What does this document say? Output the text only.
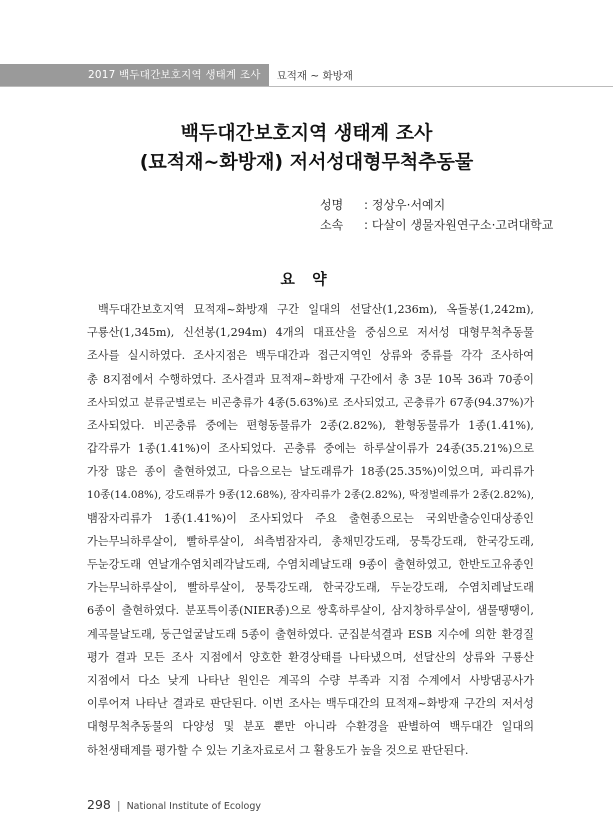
2017 백두대간보호지역 생태계 조사	묘적재 ~ 화방재
백두대간보호지역 생태계 조사
(묘적재~화방재) 저서성대형무척추동물
성명	: 정상우·서예지
소속	: 다살이 생물자원연구소·고려대학교
요 약
백두대간보호지역 묘적재~화방재 구간 일대의 선달산(1,236m), 옥돌봉(1,242m),
구룡산(1,345m), 신선봉(1,294m) 4개의 대표산을 중심으로 저서성 대형무척추동물
조사를 실시하였다. 조사지점은 백두대간과 접근지역인 상류와 중류를 각각 조사하여
총 8지점에서 수행하였다. 조사결과 묘적재~화방재 구간에서 총 3문 10목 36과 70종이
조사되었고 분류군별로는 비곤충류가 4종(5.63%)로 조사되었고, 곤충류가 67종(94.37%)가
조사되었다. 비곤충류 중에는 편형동물류가 2종(2.82%), 환형동물류가 1종(1.41%),
갑각류가 1종(1.41%)이 조사되었다. 곤충류 중에는 하루살이류가 24종(35.21%)으로
가장 많은 종이 출현하였고, 다음으로는 날도래류가 18종(25.35%)이었으며, 파리류가
10종(14.08%), 강도래류가 9종(12.68%), 잠자리류가 2종(2.82%), 딱정벌레류가 2종(2.82%),
뱀잠자리류가 1종(1.41%)이 조사되었다 주요 출현종으로는 국외반출승인대상종인
가는무늬하루살이, 빨하루살이, 쇠측범잠자리, 총채민강도래, 뭉툭강도래, 한국강도래,
두눈강도래 연날개수염치레각날도래, 수염치레날도래 9종이 출현하였고, 한반도고유종인
가는무늬하루살이, 빨하루살이, 뭉툭강도래, 한국강도래, 두눈강도래, 수염치레날도래
6종이 출현하였다. 분포특이종(NIER종)으로 쌍혹하루살이, 삼지창하루살이, 샘물땡땡이,
계곡물날도래, 둥근얼굴날도래 5종이 출현하였다. 군집분석결과 ESB 지수에 의한 환경질
평가 결과 모든 조사 지점에서 양호한 환경상태를 나타냈으며, 선달산의 상류와 구룡산
지점에서 다소 낮게 나타난 원인은 계곡의 수량 부족과 지점 수계에서 사방댐공사가
이루어져 나타난 결과로 판단된다. 이번 조사는 백두대간의 묘적재~화방재 구간의 저서성
대형무척추동물의 다양성 및 분포 뿐만 아니라 수환경을 판별하여 백두대간 일대의
하천생태계를 평가할 수 있는 기초자료로서 그 활용도가 높을 것으로 판단된다.
298 | National Institute of Ecology
